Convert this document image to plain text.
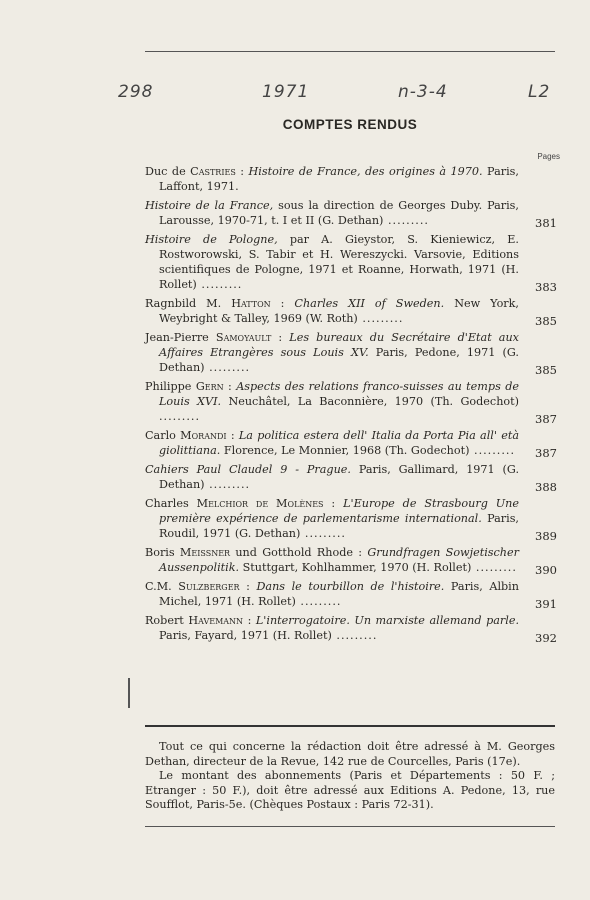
298	1971	n-3-4	L2
COMPTES RENDUS
Pages
Duc de Castries : Histoire de France, des origines à 1970. Paris, Laffont, 1971.
Histoire de la France, sous la direction de Georges Duby. Paris, Larousse, 1970-71, t. I et II (G. Dethan) .........	381
Histoire de Pologne, par A. Gieystor, S. Kieniewicz, E. Rostworowski, S. Tabir et H. Wereszycki. Varsovie, Editions scientifiques de Pologne, 1971 et Roanne, Horwath, 1971 (H. Rollet) .........	383
Ragnbild M. Hatton : Charles XII of Sweden. New York, Weybright & Talley, 1969 (W. Roth) .........	385
Jean-Pierre Samoyault : Les bureaux du Secrétaire d'Etat aux Affaires Etrangères sous Louis XV. Paris, Pedone, 1971 (G. Dethan) .........	385
Philippe Gern : Aspects des relations franco-suisses au temps de Louis XVI. Neuchâtel, La Baconnière, 1970 (Th. Godechot) .........	387
Carlo Morandi : La politica estera dell' Italia da Porta Pia all' età giolittiana. Florence, Le Monnier, 1968 (Th. Godechot) ......... 387
Cahiers Paul Claudel 9 - Prague. Paris, Gallimard, 1971 (G. Dethan) .........	388
Charles Melchior de Molènes : L'Europe de Strasbourg Une première expérience de parlementarisme international. Paris, Roudil, 1971 (G. Dethan) .........	389
Boris Meissner und Gotthold Rhode : Grundfragen Sowjetischer Aussenpolitik. Stuttgart, Kohlhammer, 1970 (H. Rollet) ......... 390
C.M. Sulzberger : Dans le tourbillon de l'histoire. Paris, Albin Michel, 1971 (H. Rollet) .........	391
Robert Havemann : L'interrogatoire. Un marxiste allemand parle. Paris, Fayard, 1971 (H. Rollet) .........	392

Tout ce qui concerne la rédaction doit être adressé à M. Georges Dethan, directeur de la Revue, 142 rue de Courcelles, Paris (17e).

Le montant des abonnements (Paris et Départements : 50 F. ; Etranger : 50 F.), doit être adressé aux Editions A. Pedone, 13, rue Soufflot, Paris-5e. (Chèques Postaux : Paris 72-31).
